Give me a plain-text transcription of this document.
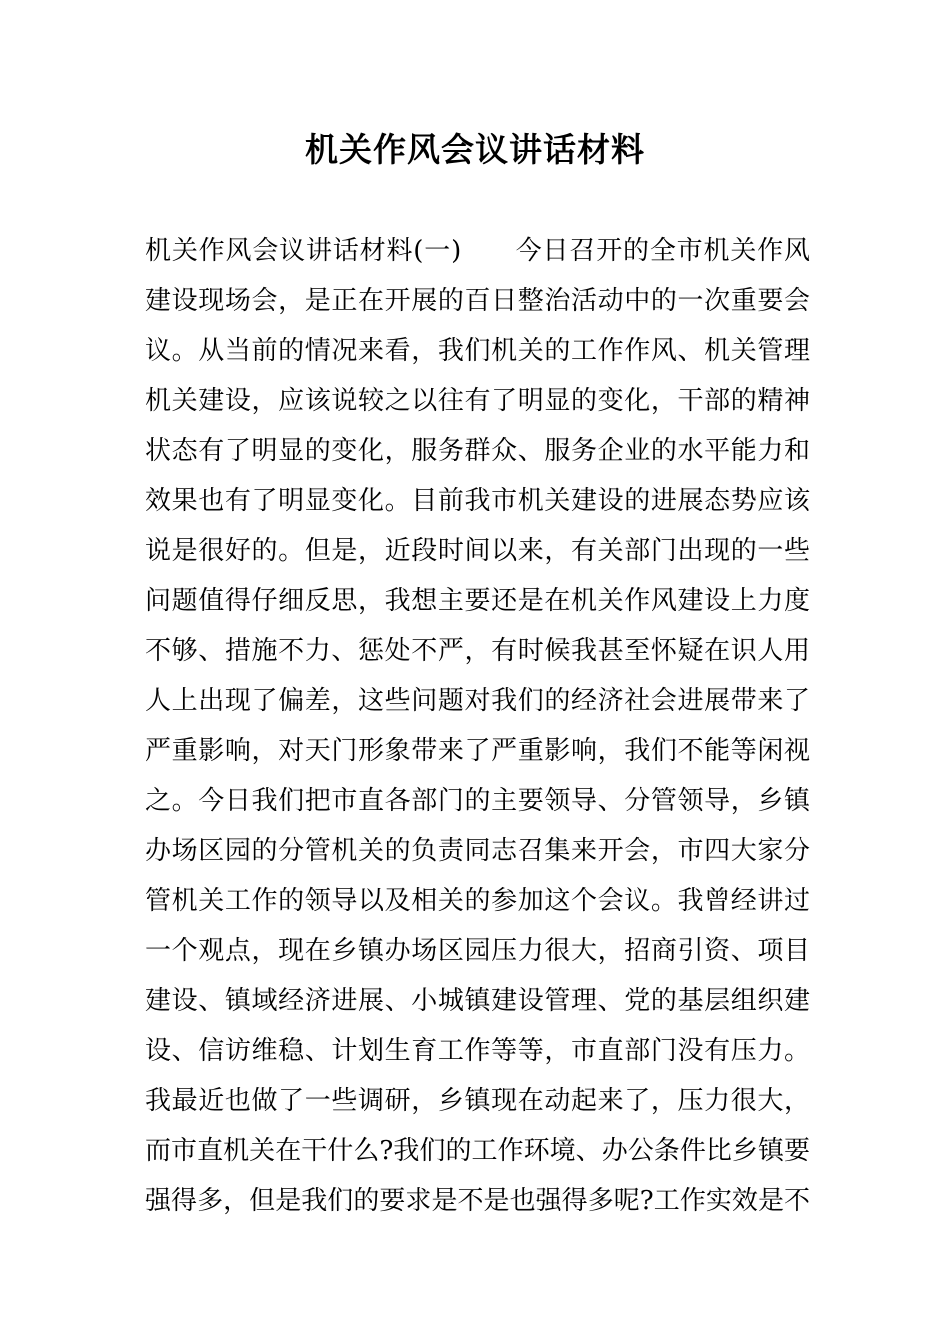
机关作风会议讲话材料
机关作风会议讲话材料(一)　　今日召开的全市机关作风
建设现场会，是正在开展的百日整治活动中的一次重要会
议。从当前的情况来看，我们机关的工作作风、机关管理
机关建设，应该说较之以往有了明显的变化，干部的精神
状态有了明显的变化，服务群众、服务企业的水平能力和
效果也有了明显变化。目前我市机关建设的进展态势应该
说是很好的。但是，近段时间以来，有关部门出现的一些
问题值得仔细反思，我想主要还是在机关作风建设上力度
不够、措施不力、惩处不严，有时候我甚至怀疑在识人用
人上出现了偏差，这些问题对我们的经济社会进展带来了
严重影响，对天门形象带来了严重影响，我们不能等闲视
之。今日我们把市直各部门的主要领导、分管领导，乡镇
办场区园的分管机关的负责同志召集来开会，市四大家分
管机关工作的领导以及相关的参加这个会议。我曾经讲过
一个观点，现在乡镇办场区园压力很大，招商引资、项目
建设、镇域经济进展、小城镇建设管理、党的基层组织建
设、信访维稳、计划生育工作等等，市直部门没有压力。
我最近也做了一些调研，乡镇现在动起来了，压力很大，
而市直机关在干什么?我们的工作环境、办公条件比乡镇要
强得多，但是我们的要求是不是也强得多呢?工作实效是不
